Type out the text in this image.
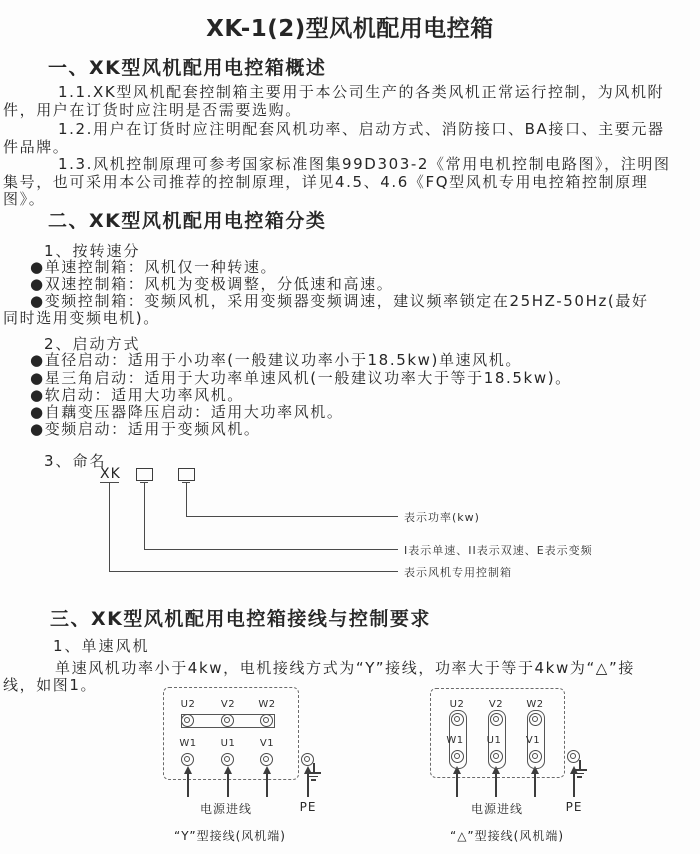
XK-1(2)型风机配用电控箱
一、XK型风机配用电控箱概述
1.1.XK型风机配套控制箱主要用于本公司生产的各类风机正常运行控制，为风机附
件，用户在订货时应注明是否需要选购。
1.2.用户在订货时应注明配套风机功率、启动方式、消防接口、BA接口、主要元器
件品牌。
1.3.风机控制原理可参考国家标准图集99D303-2《常用电机控制电路图》，注明图
集号，也可采用本公司推荐的控制原理，详见4.5、4.6《FQ型风机专用电控箱控制原理
图》。
二、XK型风机配用电控箱分类
1、按转速分
●单速控制箱：风机仅一种转速。
●双速控制箱：风机为变极调整，分低速和高速。
●变频控制箱：变频风机，采用变频器变频调速，建议频率锁定在25HZ-50Hz(最好
同时选用变频电机)。
2、启动方式
●直径启动：适用于小功率(一般建议功率小于18.5kw)单速风机。
●星三角启动：适用于大功率单速风机(一般建议功率大于等于18.5kw)。
●软启动：适用大功率风机。
●自藕变压器降压启动：适用大功率风机。
●变频启动：适用于变频风机。
3、命名
XK
表示功率(kw)
I表示单速、II表示双速、E表示变频
表示风机专用控制箱
三、XK型风机配用电控箱接线与控制要求
1、单速风机
单速风机功率小于4kw，电机接线方式为“Y”接线，功率大于等于4kw为“△”接
线，如图1。
U2	V2	W2
W1	U1	V1
电源进线	PE
“Y”型接线(风机端)
U2	V2	W2
W1	U1	V1
电源进线	PE
“△”型接线(风机端)
